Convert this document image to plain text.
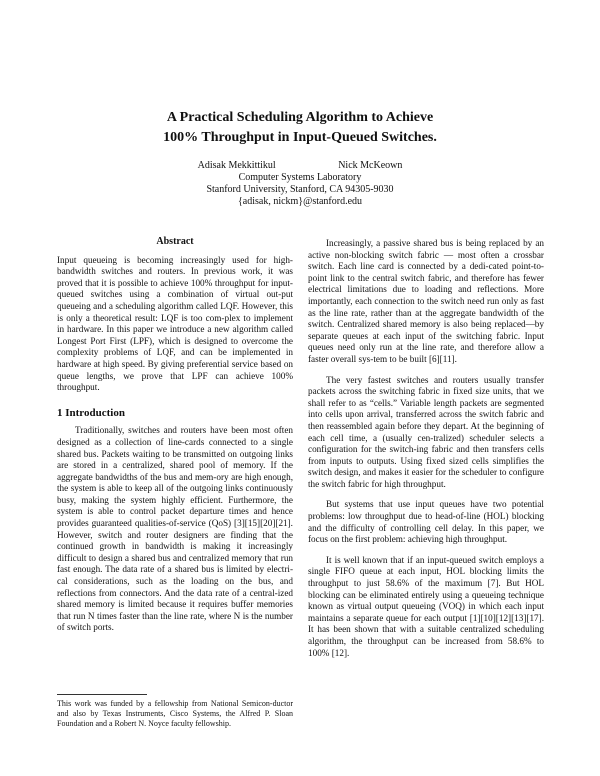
A Practical Scheduling Algorithm to Achieve
100% Throughput in Input-Queued Switches.
Adisak Mekkittikul	Nick McKeown
Computer Systems Laboratory
Stanford University, Stanford, CA 94305-9030
{adisak, nickm}@stanford.edu
Abstract

Input queueing is becoming increasingly used for high-bandwidth switches and routers. In previous work, it was proved that it is possible to achieve 100% throughput for input-queued switches using a combination of virtual out-put queueing and a scheduling algorithm called LQF. However, this is only a theoretical result: LQF is too com-plex to implement in hardware. In this paper we introduce a new algorithm called Longest Port First (LPF), which is designed to overcome the complexity problems of LQF, and can be implemented in hardware at high speed. By giving preferential service based on queue lengths, we prove that LPF can achieve 100% throughput.

1 Introduction

Traditionally, switches and routers have been most often designed as a collection of line-cards connected to a single shared bus. Packets waiting to be transmitted on outgoing links are stored in a centralized, shared pool of memory. If the aggregate bandwidths of the bus and mem-ory are high enough, the system is able to keep all of the outgoing links continuously busy, making the system highly efficient. Furthermore, the system is able to control packet departure times and hence provides guaranteed qualities-of-service (QoS) [3][15][20][21]. However, switch and router designers are finding that the continued growth in bandwidth is making it increasingly difficult to design a shared bus and centralized memory that run fast enough. The data rate of a shared bus is limited by electri-cal considerations, such as the loading on the bus, and reflections from connectors. And the data rate of a central-ized shared memory is limited because it requires buffer memories that run N times faster than the line rate, where N is the number of switch ports.

This work was funded by a fellowship from National Semicon-ductor and also by Texas Instruments, Cisco Systems, the Alfred P. Sloan Foundation and a Robert N. Noyce faculty fellowship.

Increasingly, a passive shared bus is being replaced by an active non-blocking switch fabric — most often a crossbar switch. Each line card is connected by a dedi-cated point-to-point link to the central switch fabric, and therefore has fewer electrical limitations due to loading and reflections. More importantly, each connection to the switch need run only as fast as the line rate, rather than at the aggregate bandwidth of the switch. Centralized shared memory is also being replaced—by separate queues at each input of the switching fabric. Input queues need only run at the line rate, and therefore allow a faster overall sys-tem to be built [6][11].

The very fastest switches and routers usually transfer packets across the switching fabric in fixed size units, that we shall refer to as “cells.” Variable length packets are segmented into cells upon arrival, transferred across the switch fabric and then reassembled again before they depart. At the beginning of each cell time, a (usually cen-tralized) scheduler selects a configuration for the switch-ing fabric and then transfers cells from inputs to outputs. Using fixed sized cells simplifies the switch design, and makes it easier for the scheduler to configure the switch fabric for high throughput.

But systems that use input queues have two potential problems: low throughput due to head-of-line (HOL) blocking and the difficulty of controlling cell delay. In this paper, we focus on the first problem: achieving high throughput.

It is well known that if an input-queued switch employs a single FIFO queue at each input, HOL blocking limits the throughput to just 58.6% of the maximum [7]. But HOL blocking can be eliminated entirely using a queueing technique known as virtual output queueing (VOQ) in which each input maintains a separate queue for each output [1][10][12][13][17]. It has been shown that with a suitable centralized scheduling algorithm, the throughput can be increased from 58.6% to 100% [12].
